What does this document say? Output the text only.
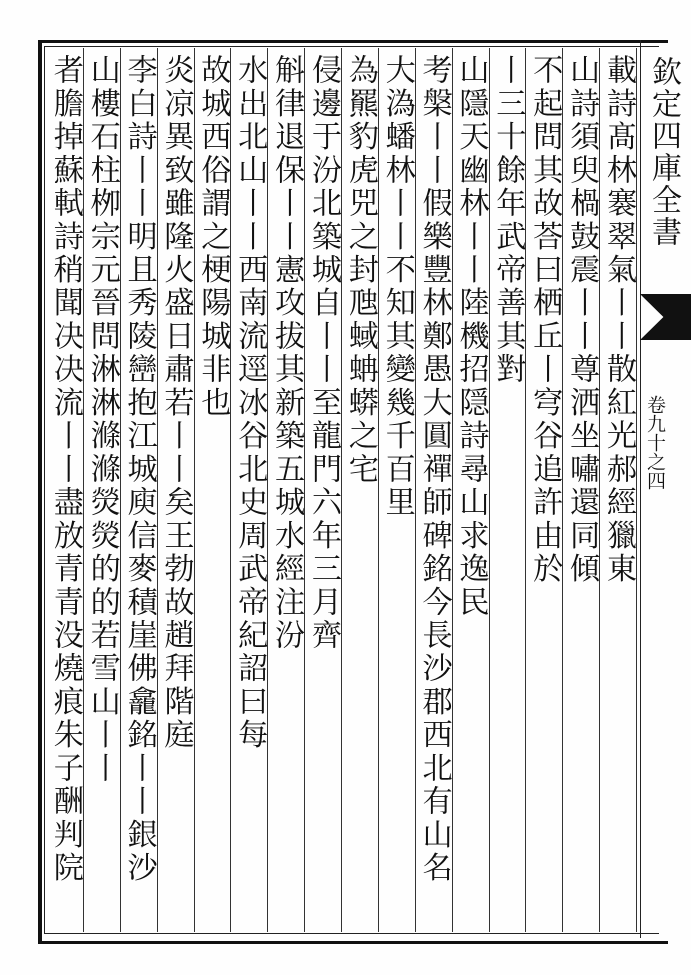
欽定四庫全書
卷九十之四
載詩髙林褰翠氣丨丨散紅光郝經獵東
山詩須臾楇鼓震丨丨尊洒坐嘯還同傾
不起問其故荅曰栖丘丨穹谷追許由於
丨三十餘年武帝善其對
山隱天幽林丨丨陸機招隠詩尋山求逸民
考槃丨丨假樂豐林鄭愚大圓禪師碑銘今長沙郡西北有山名
大溈蟠林丨丨不知其變幾千百里
為羆豹虎兕之封虺蜮蚺蟒之宅
侵邊于汾北築城自丨丨至龍門六年三月齊
斛律退保丨丨憲攻拔其新築五城水經注汾
水出北山丨丨西南流逕冰谷北史周武帝紀詔曰每
故城西俗謂之梗陽城非也
炎凉異致雖隆火盛日肅若丨丨矣王勃故趙拜階庭
李白詩丨丨明且秀陵巒抱江城庾信麥積崖佛龕銘丨丨銀沙
山樓石柱栁宗元晉問淋淋滌滌熒熒的的若雪山丨丨
者膽掉蘇軾詩稍聞决决流丨丨盡放青青没燒痕朱子酬判院
